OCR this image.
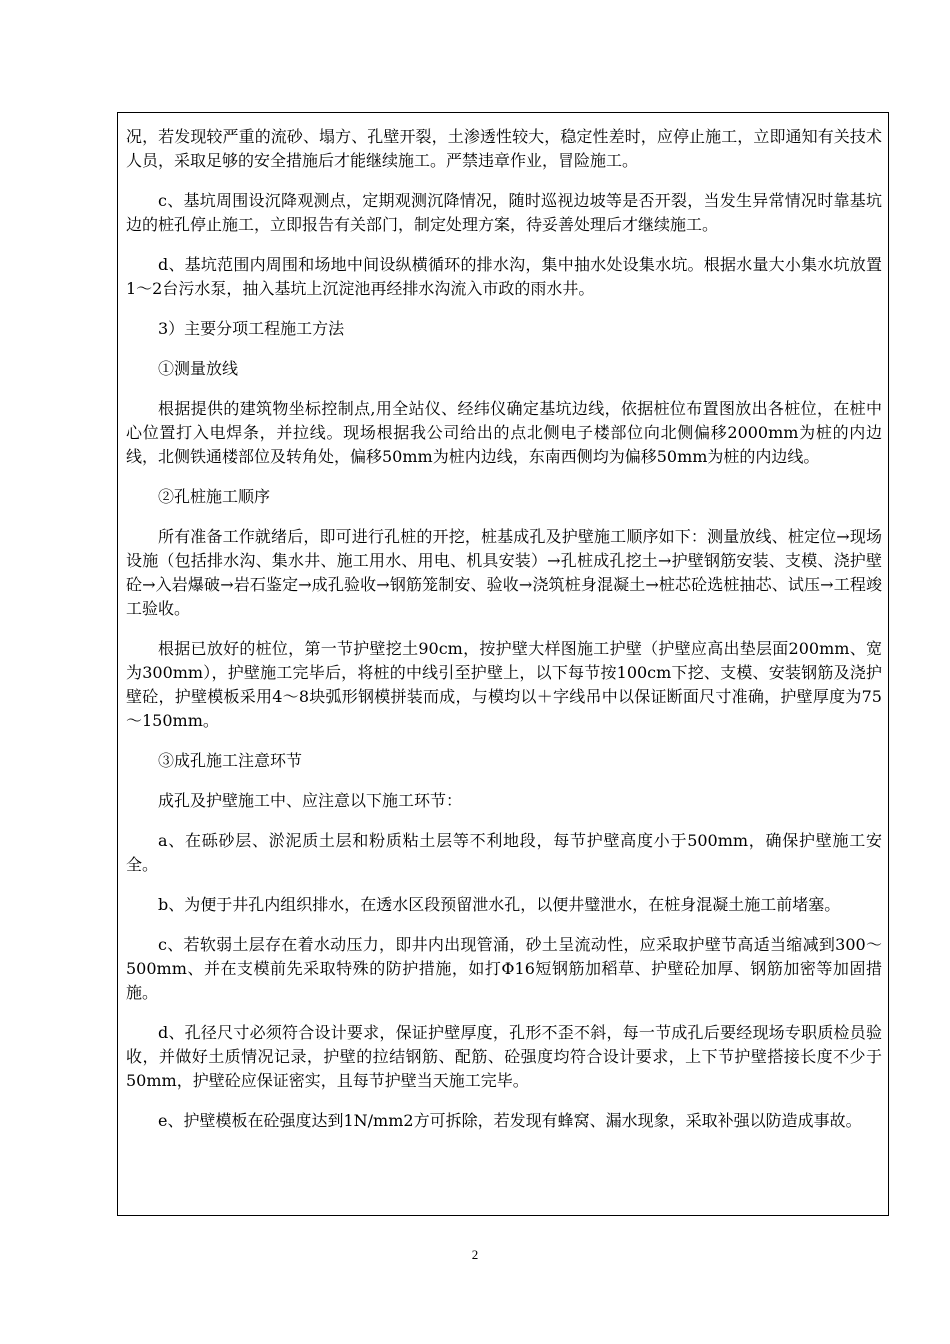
况，若发现较严重的流砂、塌方、孔壁开裂，土渗透性较大，稳定性差时，应停止施工，立即通知有关技术人员，采取足够的安全措施后才能继续施工。严禁违章作业，冒险施工。

c、基坑周围设沉降观测点，定期观测沉降情况，随时巡视边坡等是否开裂，当发生异常情况时靠基坑边的桩孔停止施工，立即报告有关部门，制定处理方案，待妥善处理后才继续施工。

d、基坑范围内周围和场地中间设纵横循环的排水沟，集中抽水处设集水坑。根据水量大小集水坑放置1～2台污水泵，抽入基坑上沉淀池再经排水沟流入市政的雨水井。

3）主要分项工程施工方法

①测量放线

根据提供的建筑物坐标控制点,用全站仪、经纬仪确定基坑边线，依据桩位布置图放出各桩位，在桩中心位置打入电焊条，并拉线。现场根据我公司给出的点北侧电子楼部位向北侧偏移2000mm为桩的内边线，北侧铁通楼部位及转角处，偏移50mm为桩内边线，东南西侧均为偏移50mm为桩的内边线。

②孔桩施工顺序

所有准备工作就绪后，即可进行孔桩的开挖，桩基成孔及护壁施工顺序如下：测量放线、桩定位→现场设施（包括排水沟、集水井、施工用水、用电、机具安装）→孔桩成孔挖土→护壁钢筋安装、支模、浇护壁砼→入岩爆破→岩石鉴定→成孔验收→钢筋笼制安、验收→浇筑桩身混凝土→桩芯砼选桩抽芯、试压→工程竣工验收。

根据已放好的桩位，第一节护壁挖土90cm，按护壁大样图施工护壁（护壁应高出垫层面200mm、宽为300mm），护壁施工完毕后，将桩的中线引至护壁上，以下每节按100cm下挖、支模、安装钢筋及浇护壁砼，护壁模板采用4～8块弧形钢模拼装而成，与模均以＋字线吊中以保证断面尺寸准确，护壁厚度为75～150mm。

③成孔施工注意环节

成孔及护壁施工中、应注意以下施工环节：

a、在砾砂层、淤泥质土层和粉质粘土层等不利地段，每节护壁高度小于500mm，确保护壁施工安全。

b、为便于井孔内组织排水，在透水区段预留泄水孔，以便井璧泄水，在桩身混凝土施工前堵塞。

c、若软弱土层存在着水动压力，即井内出现管涌，砂土呈流动性，应采取护壁节高适当缩减到300～500mm、并在支模前先采取特殊的防护措施，如打Φ16短钢筋加稻草、护壁砼加厚、钢筋加密等加固措施。

d、孔径尺寸必须符合设计要求，保证护壁厚度，孔形不歪不斜，每一节成孔后要经现场专职质检员验收，并做好土质情况记录，护壁的拉结钢筋、配筋、砼强度均符合设计要求，上下节护壁搭接长度不少于50mm，护壁砼应保证密实，且每节护壁当天施工完毕。

e、护壁模板在砼强度达到1N/mm2方可拆除，若发现有蜂窝、漏水现象，采取补强以防造成事故。

2
